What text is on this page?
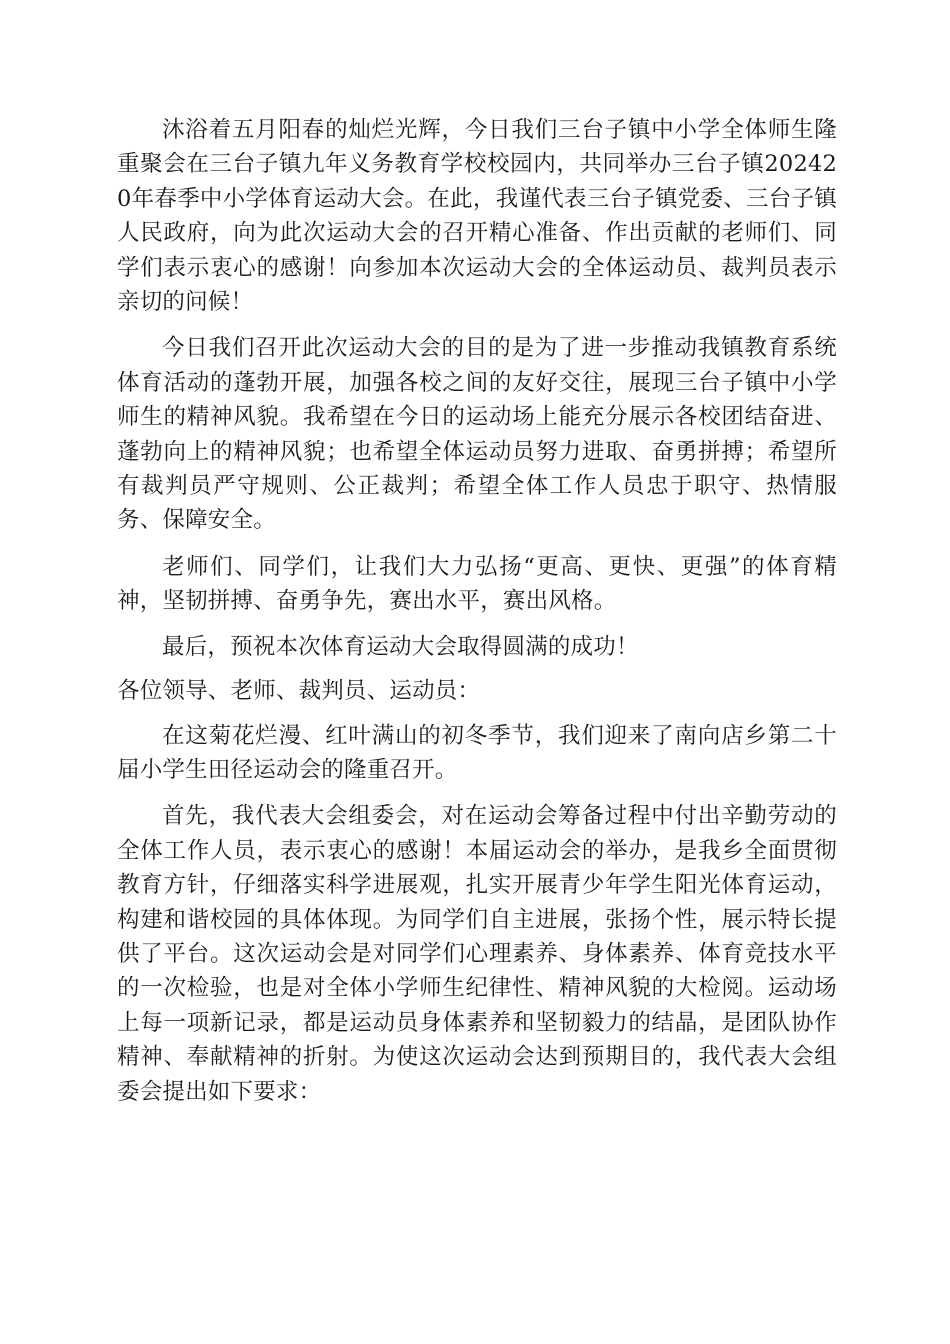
沐浴着五月阳春的灿烂光辉，今日我们三台子镇中小学全体师生隆重聚会在三台子镇九年义务教育学校校园内，共同举办三台子镇202420年春季中小学体育运动大会。在此，我谨代表三台子镇党委、三台子镇人民政府，向为此次运动大会的召开精心准备、作出贡献的老师们、同学们表示衷心的感谢！向参加本次运动大会的全体运动员、裁判员表示亲切的问候！

今日我们召开此次运动大会的目的是为了进一步推动我镇教育系统体育活动的蓬勃开展，加强各校之间的友好交往，展现三台子镇中小学师生的精神风貌。我希望在今日的运动场上能充分展示各校团结奋进、蓬勃向上的精神风貌；也希望全体运动员努力进取、奋勇拼搏；希望所有裁判员严守规则、公正裁判；希望全体工作人员忠于职守、热情服务、保障安全。

老师们、同学们，让我们大力弘扬“更高、更快、更强”的体育精神，坚韧拼搏、奋勇争先，赛出水平，赛出风格。

最后，预祝本次体育运动大会取得圆满的成功！

各位领导、老师、裁判员、运动员：

在这菊花烂漫、红叶满山的初冬季节，我们迎来了南向店乡第二十届小学生田径运动会的隆重召开。

首先，我代表大会组委会，对在运动会筹备过程中付出辛勤劳动的全体工作人员，表示衷心的感谢！本届运动会的举办，是我乡全面贯彻教育方针，仔细落实科学进展观，扎实开展青少年学生阳光体育运动，构建和谐校园的具体体现。为同学们自主进展，张扬个性，展示特长提供了平台。这次运动会是对同学们心理素养、身体素养、体育竞技水平的一次检验，也是对全体小学师生纪律性、精神风貌的大检阅。运动场上每一项新记录，都是运动员身体素养和坚韧毅力的结晶，是团队协作精神、奉献精神的折射。为使这次运动会达到预期目的，我代表大会组委会提出如下要求：
